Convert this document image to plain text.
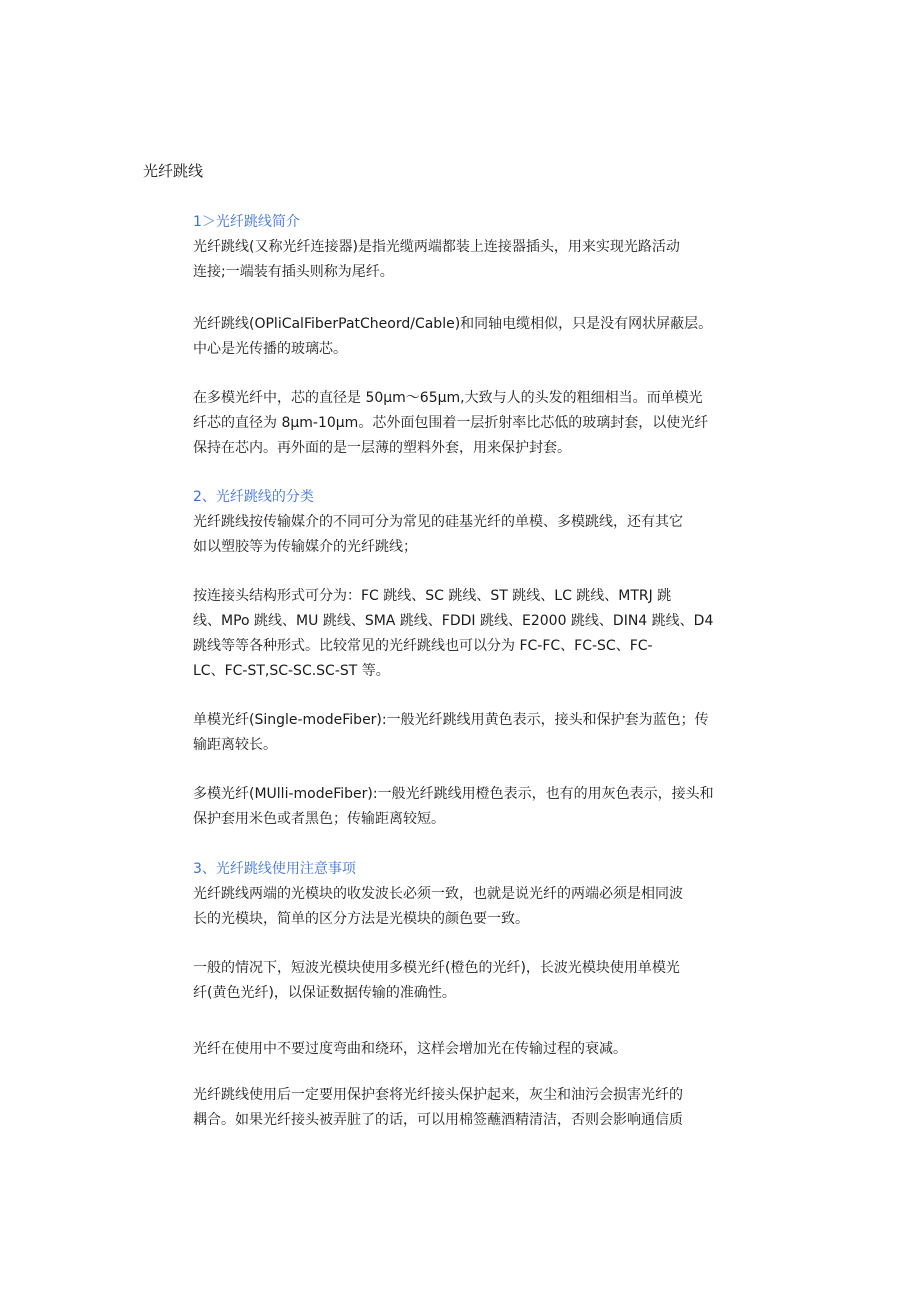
光纤跳线

1＞光纤跳线简介

光纤跳线(又称光纤连接器)是指光缆两端都装上连接器插头，用来实现光路活动
连接;一端装有插头则称为尾纤。

光纤跳线(OPliCalFiberPatCheord/Cable)和同轴电缆相似，只是没有网状屏蔽层。
中心是光传播的玻璃芯。

在多模光纤中，芯的直径是 50μm～65μm,大致与人的头发的粗细相当。而单模光
纤芯的直径为 8μm-10μm。芯外面包围着一层折射率比芯低的玻璃封套，以使光纤
保持在芯内。再外面的是一层薄的塑料外套，用来保护封套。

2、光纤跳线的分类

光纤跳线按传输媒介的不同可分为常见的硅基光纤的单模、多模跳线，还有其它
如以塑胶等为传输媒介的光纤跳线；

按连接头结构形式可分为：FC 跳线、SC 跳线、ST 跳线、LC 跳线、MTRJ 跳
线、MPo 跳线、MU 跳线、SMA 跳线、FDDI 跳线、E2000 跳线、DIN4 跳线、D4
跳线等等各种形式。比较常见的光纤跳线也可以分为 FC-FC、FC-SC、FC-
LC、FC-ST,SC-SC.SC-ST 等。

单模光纤(Single-modeFiber):一般光纤跳线用黄色表示，接头和保护套为蓝色；传
输距离较长。

多模光纤(MUlli-modeFiber):一般光纤跳线用橙色表示，也有的用灰色表示，接头和
保护套用米色或者黑色；传输距离较短。

3、光纤跳线使用注意事项

光纤跳线两端的光模块的收发波长必须一致，也就是说光纤的两端必须是相同波
长的光模块，简单的区分方法是光模块的颜色要一致。

一般的情况下，短波光模块使用多模光纤(橙色的光纤)，长波光模块使用单模光
纤(黄色光纤)，以保证数据传输的准确性。

光纤在使用中不要过度弯曲和绕环，这样会增加光在传输过程的衰减。

光纤跳线使用后一定要用保护套将光纤接头保护起来，灰尘和油污会损害光纤的
耦合。如果光纤接头被弄脏了的话，可以用棉签蘸酒精清洁，否则会影响通信质
